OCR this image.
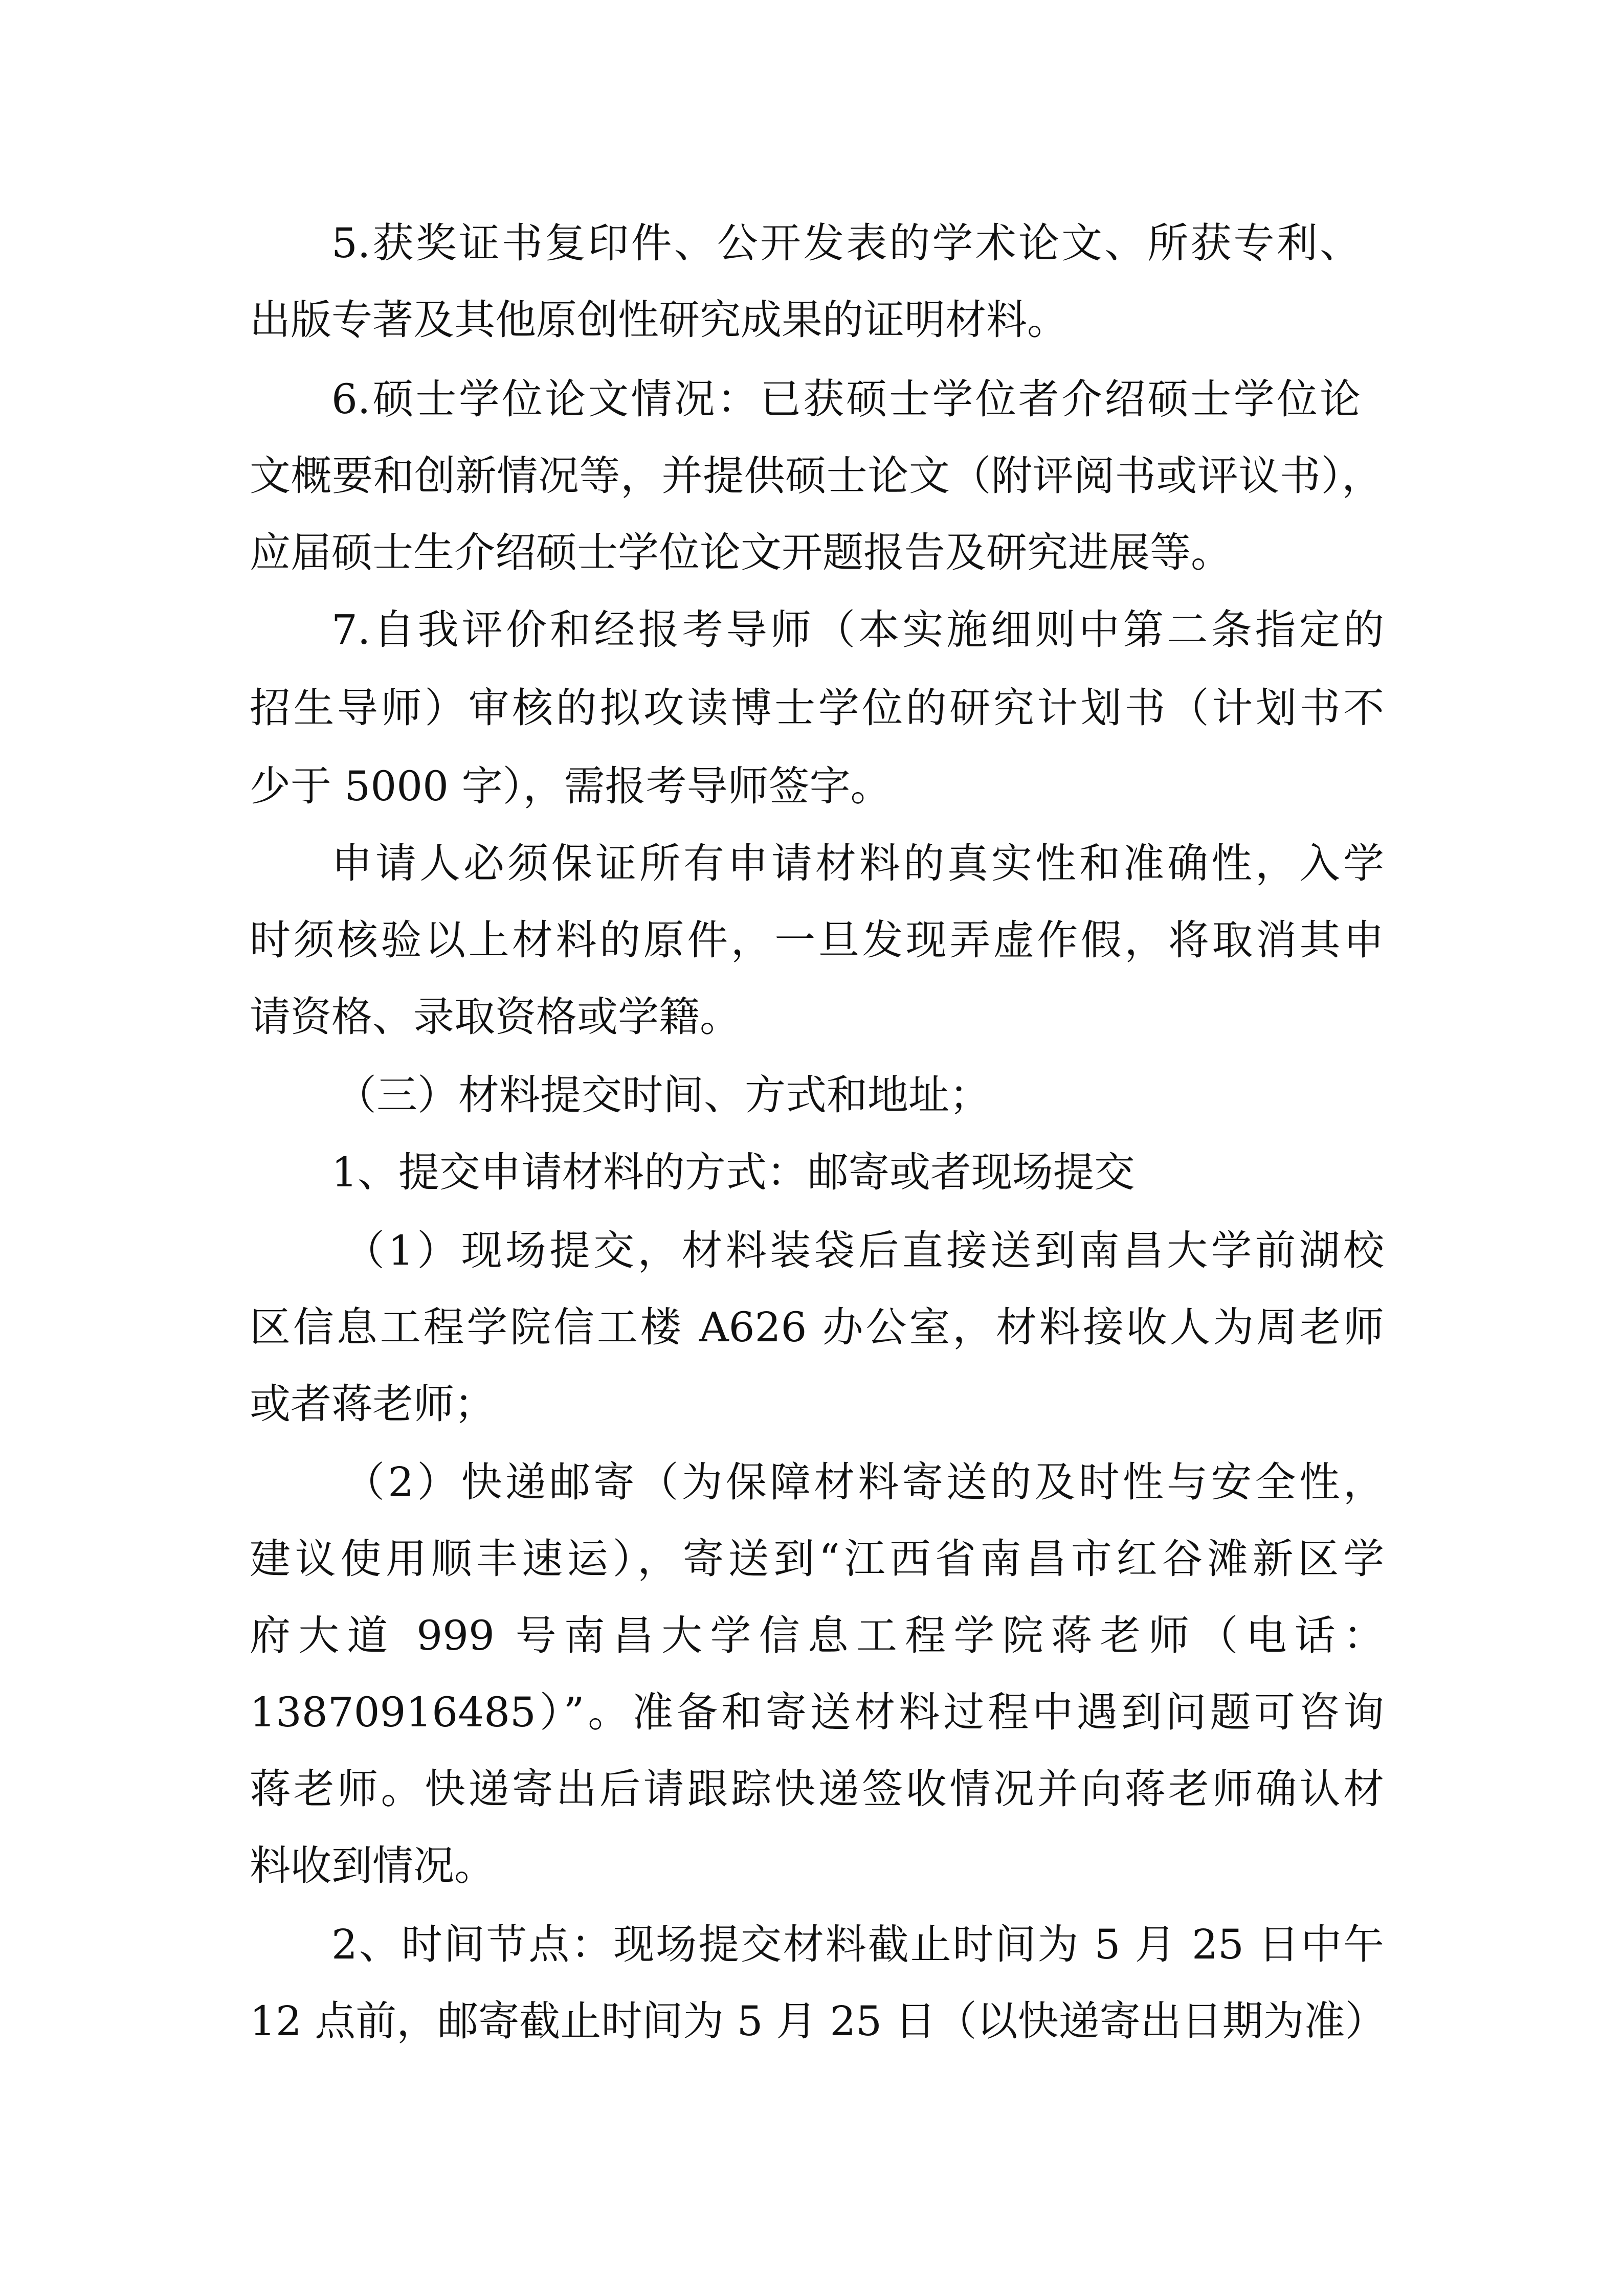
5.获奖证书复印件、公开发表的学术论文、所获专利、
出版专著及其他原创性研究成果的证明材料。
6.硕士学位论文情况：已获硕士学位者介绍硕士学位论
文概要和创新情况等，并提供硕士论文（附评阅书或评议书），
应届硕士生介绍硕士学位论文开题报告及研究进展等。
7.自我评价和经报考导师（本实施细则中第二条指定的
招生导师）审核的拟攻读博士学位的研究计划书（计划书不
少于 5000 字），需报考导师签字。
申请人必须保证所有申请材料的真实性和准确性，入学
时须核验以上材料的原件，一旦发现弄虚作假，将取消其申
请资格、录取资格或学籍。
（三）材料提交时间、方式和地址；
1、提交申请材料的方式：邮寄或者现场提交
（1）现场提交，材料装袋后直接送到南昌大学前湖校
区信息工程学院信工楼 A626 办公室，材料接收人为周老师
或者蒋老师；
（2）快递邮寄（为保障材料寄送的及时性与安全性，
建议使用顺丰速运），寄送到“江西省南昌市红谷滩新区学
府大道 999 号南昌大学信息工程学院蒋老师（电话：
13870916485）”。准备和寄送材料过程中遇到问题可咨询
蒋老师。快递寄出后请跟踪快递签收情况并向蒋老师确认材
料收到情况。
2、时间节点：现场提交材料截止时间为 5 月 25 日中午
12 点前，邮寄截止时间为 5 月 25 日（以快递寄出日期为准）
